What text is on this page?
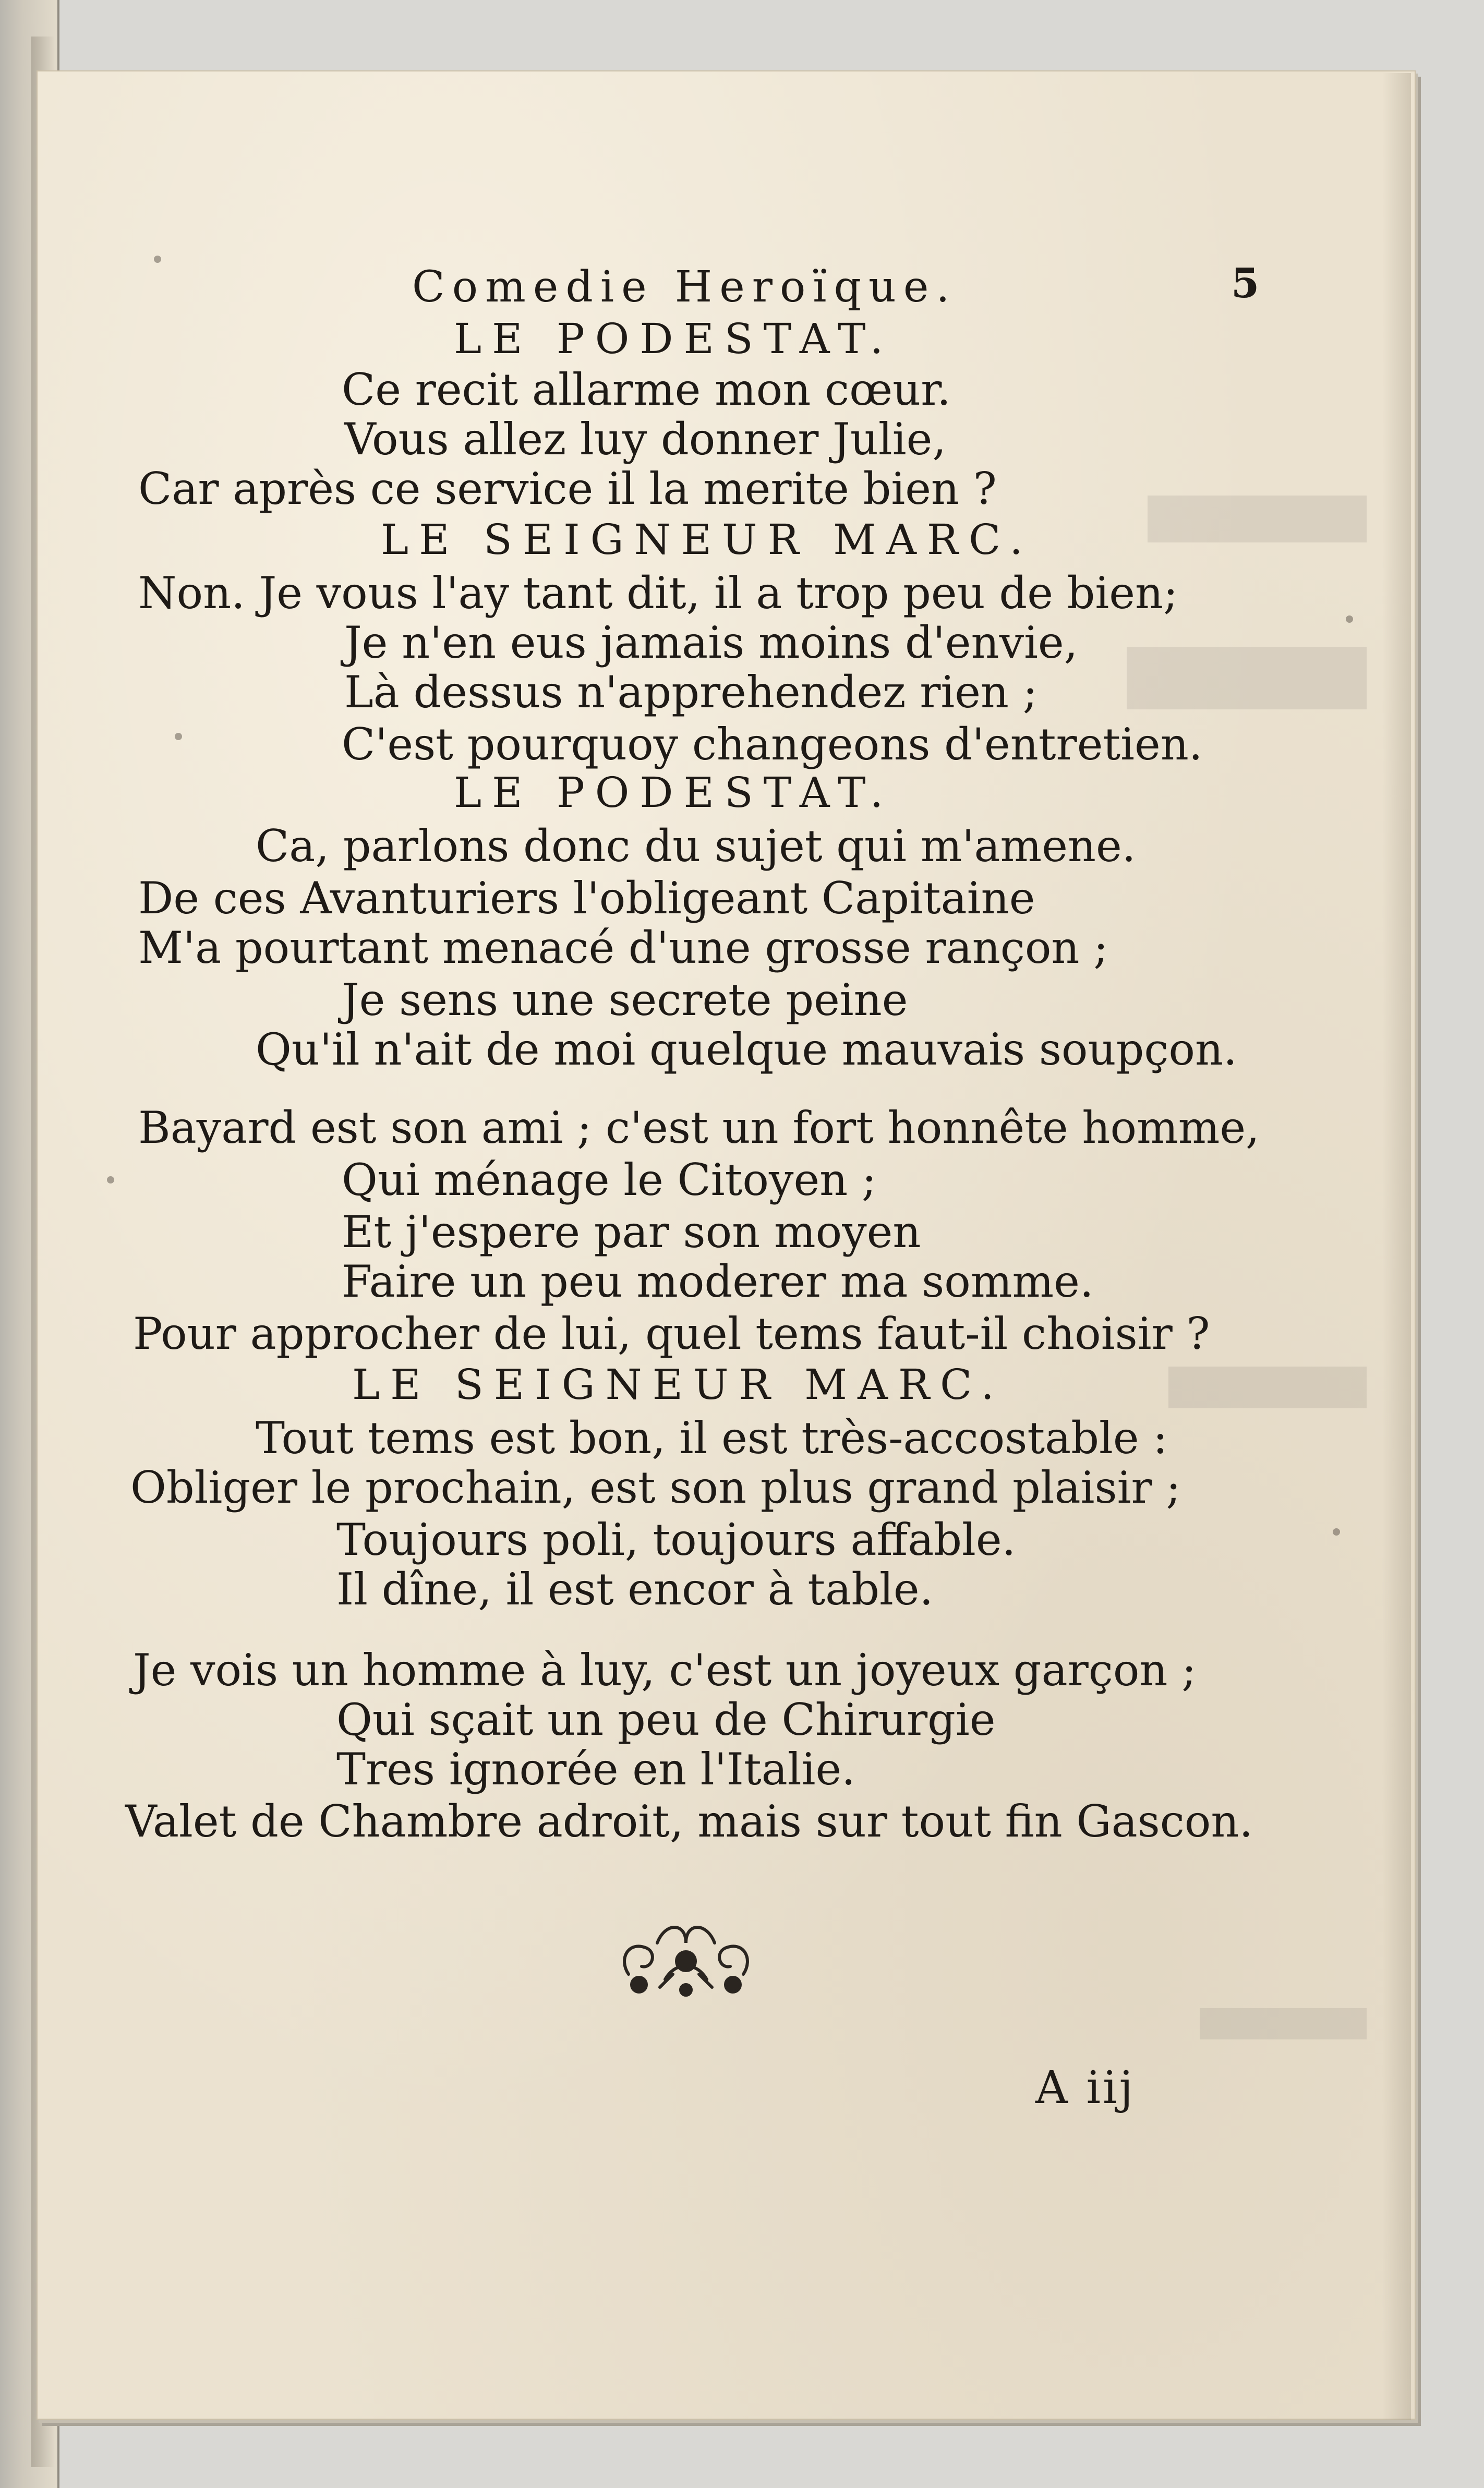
Comedie Heroïque.	5
LE PODESTAT.
Ce recit allarme mon cœur.
Vous allez luy donner Julie,
Car après ce service il la merite bien ?
LE SEIGNEUR MARC.
Non. Je vous l'ay tant dit, il a trop peu de bien;
Je n'en eus jamais moins d'envie,
Là dessus n'apprehendez rien ;
C'est pourquoy changeons d'entretien.
LE PODESTAT.
Ca, parlons donc du sujet qui m'amene.
De ces Avanturiers l'obligeant Capitaine
M'a pourtant menacé d'une grosse rançon ;
Je sens une secrete peine
Qu'il n'ait de moi quelque mauvais soupçon.
Bayard est son ami ; c'est un fort honnête homme,
Qui ménage le Citoyen ;
Et j'espere par son moyen
Faire un peu moderer ma somme.
Pour approcher de lui, quel tems faut-il choisir ?
LE SEIGNEUR MARC.
Tout tems est bon, il est très-accostable :
Obliger le prochain, est son plus grand plaisir ;
Toujours poli, toujours affable.
Il dîne, il est encor à table.
Je vois un homme à luy, c'est un joyeux garçon ;
Qui sçait un peu de Chirurgie
Tres ignorée en l'Italie.
Valet de Chambre adroit, mais sur tout fin Gascon.
A iij
